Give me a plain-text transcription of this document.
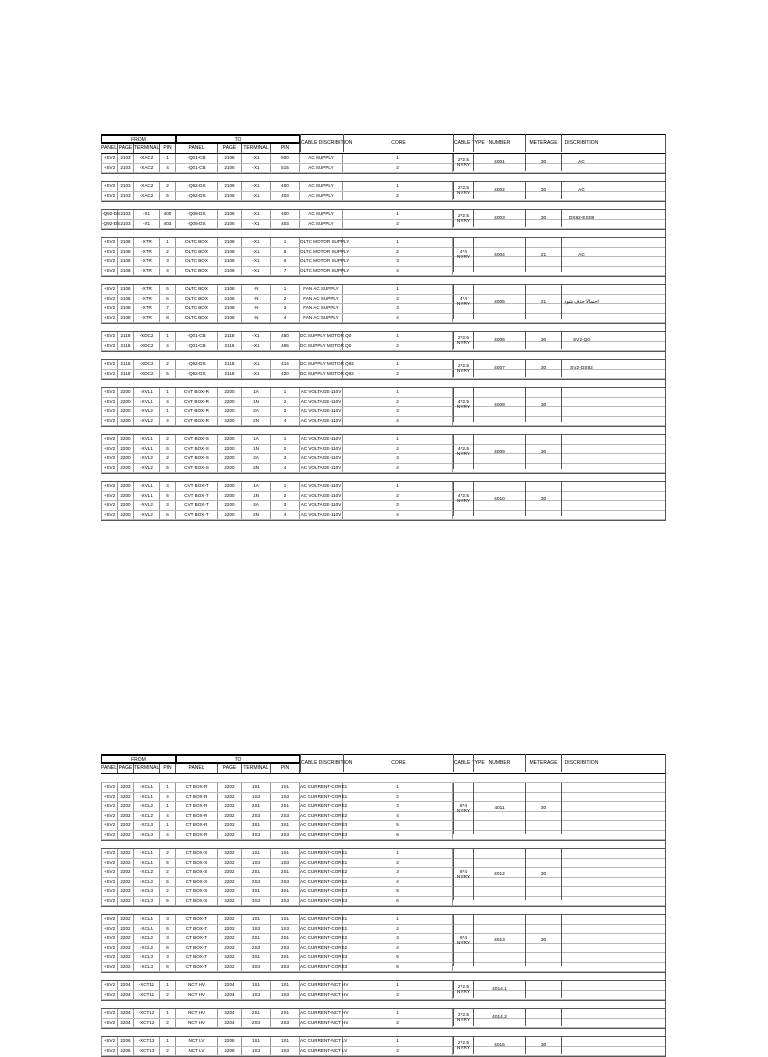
FROM	TO
PANEL PAGE TERMINAL PIN	PANEL	PAGE	TERMINAL	PIN
CABLE DISCRIBITION	CORE	CABLE TYPE NUMBER	METERAGE	DISCRIBITION
+SV2	2103	-XAC2	1	-Q01-CB	2106	-X1	500	AC SUPPLY	1
+SV2	2103	-XAC2	4	-Q01-CB	2106	-X1	515	AC SUPPLY	2
2*2.5 NYRY	4001	30	AC
+SV2	2103	-XAC2	2	-Q92-DS	2106	-X1	400	AC SUPPLY	1
+SV2	2103	-XAC2	5	-Q92-DS	2106	-X1	403	AC SUPPLY	2
2*2.5 NYRY	4002	30	AC
-Q92-DS 2103	-X1	400	-Q08-DS	2106	-X1	400	AC SUPPLY	1
-Q92-DS 2103	-X1	403	-Q08-DS	2106	-X1	403	AC SUPPLY	2
2*2.5 NYRY	4003	30	DS92-ES08
+SV2	2108	-XTR	1	OLTC BOX	2108	-X1	1	OLTC MOTOR SUPPLY	1
+SV2	2108	-XTR	2	OLTC BOX	2108	-X1	5	OLTC MOTOR SUPPLY	2
+SV2	2108	-XTR	3	OLTC BOX	2108	-X1	6	OLTC MOTOR SUPPLY	3
+SV2	2108	-XTR	4	OLTC BOX	2108	-X1	7	OLTC MOTOR SUPPLY	4
4*4 NYRY	4004	21	AC
+SV2	2108	-XTR	5	OLTC BOX	2108	-N	1	FAN AC SUPPLY	1
+SV2	2108	-XTR	6	OLTC BOX	2108	-N	2	FAN AC SUPPLY	2
+SV2	2108	-XTR	7	OLTC BOX	2108	-N	3	FAN AC SUPPLY	3
+SV2	2108	-XTR	8	OLTC BOX	2108	-N	4	FAN AC SUPPLY	4
4*4 NYRY	4005	21	احتمالا حذف شود
+SV2	2118	-XDC2	1	-Q01-CB	2118	-X1	450	DC SUPPLY MOTOR Q0	1
+SV2	2118	-XDC2	4	-Q01-CB	2118	-X1	465	DC SUPPLY MOTOR Q0	2
2*2.5 NYRY	4006	30	SV2-Q0
+SV2	2118	-XDC2	2	-Q92-DS	2118	-X1	414	DC SUPPLY MOTOR Q92	1
+SV2	2118	-XDC2	5	-Q92-DS	2118	-X1	420	DC SUPPLY MOTOR Q92	2
2*2.5 NYRY	4007	30	SV2-DS92
+SV2	2200	-XVL1	1	CVT BOX-R	2200	1A	1	AC VOLTAGE-110V	1
+SV2	2200	-XVL1	4	CVT BOX-R	2200	1N	2	AC VOLTAGE-110V	2
+SV2	2200	-XVL2	1	CVT BOX-R	2200	2A	3	AC VOLTAGE-110V	3
+SV2	2200	-XVL2	4	CVT BOX-R	2200	2N	4	AC VOLTAGE-110V	4
4*2.5 NYRY	4008	30
+SV2	2200	-XVL1	2	CVT BOX-S	2200	1A	1	AC VOLTAGE-110V	1
+SV2	2200	-XVL1	5	CVT BOX-S	2200	1N	2	AC VOLTAGE-110V	2
+SV2	2200	-XVL2	2	CVT BOX-S	2200	2A	3	AC VOLTAGE-110V	3
+SV2	2200	-XVL2	5	CVT BOX-S	2200	2N	4	AC VOLTAGE-110V	4
4*2.5 NYRY	4009	30
+SV2	2200	-XVL1	3	CVT BOX-T	2200	1A	1	AC VOLTAGE-110V	1
+SV2	2200	-XVL1	6	CVT BOX-T	2200	1N	2	AC VOLTAGE-110V	2
+SV2	2200	-XVL2	3	CVT BOX-T	2200	2A	3	AC VOLTAGE-110V	3
+SV2	2200	-XVL2	6	CVT BOX-T	2200	2N	4	AC VOLTAGE-110V	4
4*2.5 NYRY	4010	30
FROM	TO
PANEL PAGE TERMINAL PIN	PANEL	PAGE	TERMINAL	PIN
CABLE DISCRIBITION	CORE	CABLE TYPE NUMBER	METERAGE	DISCRIBITION
+SV2	2202	-XCL1	1	CT BOX-R	2202	1S1	1S1	AC CURRENT-CORE1	1
+SV2	2202	-XCL1	4	CT BOX-R	2202	1S3	1S3	AC CURRENT-CORE1	2
+SV2	2202	-XCL2	1	CT BOX-R	2202	2S1	2S1	AC CURRENT-CORE2	3
+SV2	2202	-XCL2	4	CT BOX-R	2202	2S3	2S3	AC CURRENT-CORE2	4
+SV2	2202	-XCL3	1	CT BOX-R	2202	3S1	3S1	AC CURRENT-CORE3	5
+SV2	2202	-XCL3	4	CT BOX-R	2202	3S3	3S3	AC CURRENT-CORE3	6
6*4 NYRY	4011	30
+SV2	2202	-XCL1	2	CT BOX-S	2202	1S1	1S1	AC CURRENT-CORE1	1
+SV2	2202	-XCL1	5	CT BOX-S	2202	1S3	1S3	AC CURRENT-CORE1	2
+SV2	2202	-XCL2	2	CT BOX-S	2202	2S1	2S1	AC CURRENT-CORE2	3
+SV2	2202	-XCL2	5	CT BOX-S	2202	2S3	2S3	AC CURRENT-CORE2	4
+SV2	2202	-XCL3	2	CT BOX-S	2202	3S1	3S1	AC CURRENT-CORE3	5
+SV2	2202	-XCL3	5	CT BOX-S	2202	3S3	3S3	AC CURRENT-CORE3	6
6*4 NYRY	4012	30
+SV2	2202	-XCL1	3	CT BOX-T	2202	1S1	1S1	AC CURRENT-CORE1	1
+SV2	2202	-XCL1	6	CT BOX-T	2202	1S3	1S3	AC CURRENT-CORE1	2
+SV2	2202	-XCL2	3	CT BOX-T	2202	2S1	2S1	AC CURRENT-CORE2	3
+SV2	2202	-XCL2	6	CT BOX-T	2202	2S3	2S3	AC CURRENT-CORE2	4
+SV2	2202	-XCL3	3	CT BOX-T	2202	3S1	3S1	AC CURRENT-CORE3	5
+SV2	2202	-XCL3	6	CT BOX-T	2202	3S3	3S3	AC CURRENT-CORE3	6
6*4 NYRY	4013	30
+SV2	2204	-XCT11	1	NCT HV	2204	1S1	1S1	AC CURRENT-NCT HV	1
+SV2	2204	-XCT11	2	NCT HV	2204	1S3	1S3	AC CURRENT-NCT HV	2
2*2.5 NYRY	4014.1
+SV2	2204	-XCT12	1	NCT HV	2204	2S1	2S1	AC CURRENT-NCT HV	1
+SV2	2204	-XCT12	2	NCT HV	2204	2S3	2S3	AC CURRENT-NCT HV	2
2*2.5 NYRY	4014.2
+SV2	2206	-XCT13	1	NCT LV	2206	1S1	1S1	AC CURRENT-NCT LV	1
+SV2	2206	-XCT13	2	NCT LV	2206	1S3	1S3	AC CURRENT-NCT LV	2
2*2.5 NYRY	4015	30
